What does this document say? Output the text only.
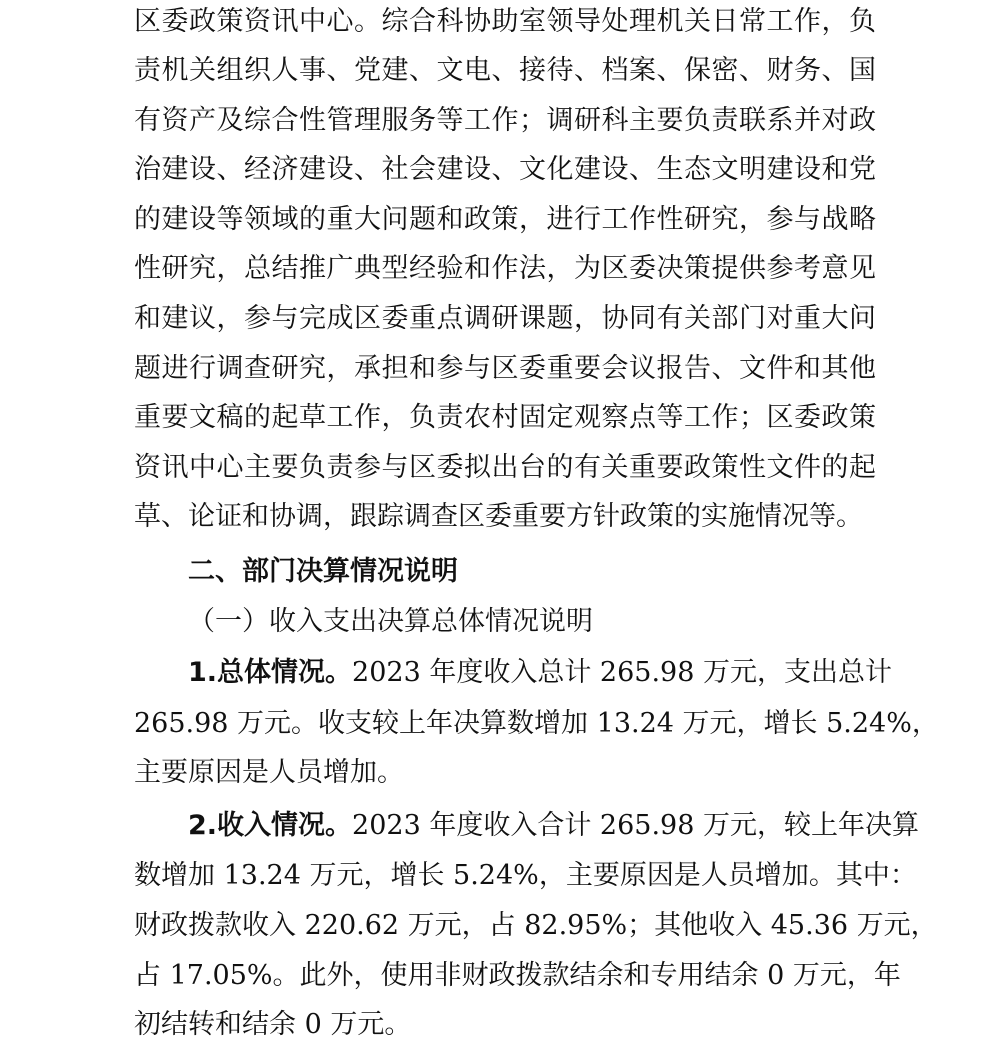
区委政策资讯中心。综合科协助室领导处理机关日常工作，负
责机关组织人事、党建、文电、接待、档案、保密、财务、国
有资产及综合性管理服务等工作；调研科主要负责联系并对政
治建设、经济建设、社会建设、文化建设、生态文明建设和党
的建设等领域的重大问题和政策，进行工作性研究，参与战略
性研究，总结推广典型经验和作法，为区委决策提供参考意见
和建议，参与完成区委重点调研课题，协同有关部门对重大问
题进行调查研究，承担和参与区委重要会议报告、文件和其他
重要文稿的起草工作，负责农村固定观察点等工作；区委政策
资讯中心主要负责参与区委拟出台的有关重要政策性文件的起
草、论证和协调，跟踪调查区委重要方针政策的实施情况等。
二、部门决算情况说明
（一）收入支出决算总体情况说明
1.总体情况。2023 年度收入总计 265.98 万元，支出总计
265.98 万元。收支较上年决算数增加 13.24 万元，增长 5.24%，
主要原因是人员增加。
2.收入情况。2023 年度收入合计 265.98 万元，较上年决算
数增加 13.24 万元，增长 5.24%，主要原因是人员增加。其中：
财政拨款收入 220.62 万元，占 82.95%；其他收入 45.36 万元，
占 17.05%。此外，使用非财政拨款结余和专用结余 0 万元，年
初结转和结余 0 万元。
